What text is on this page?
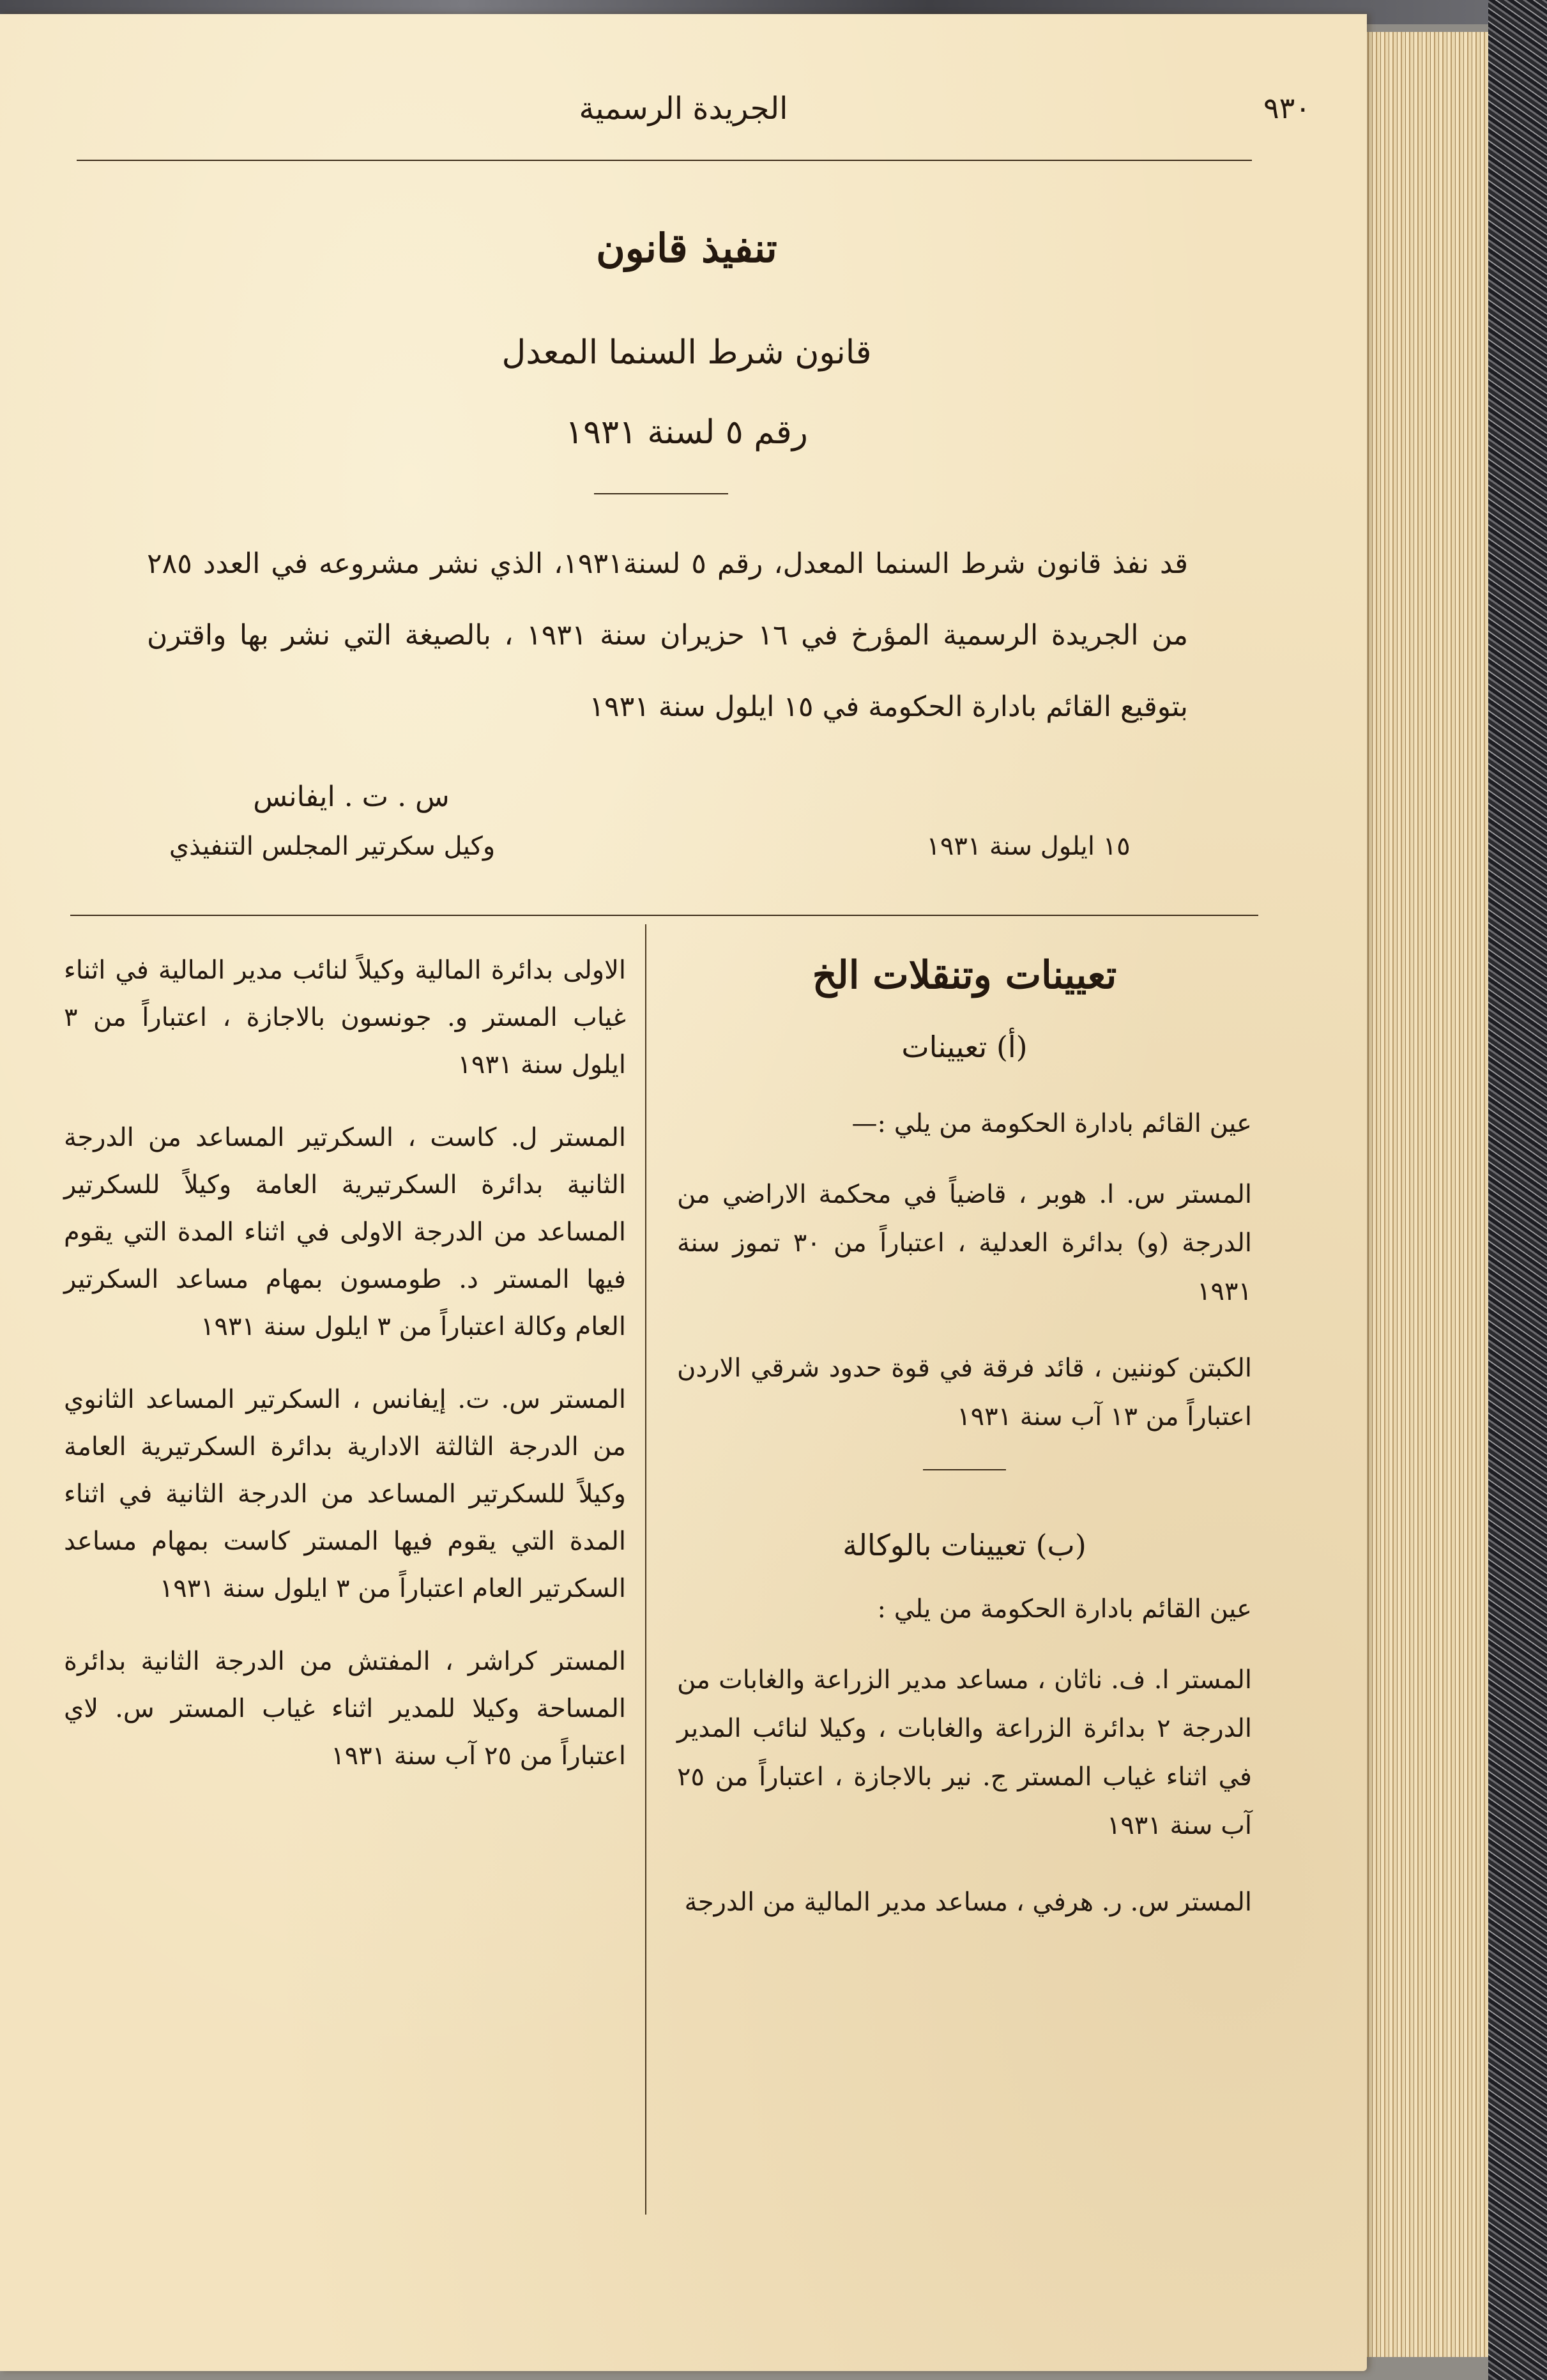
٩٣٠
الجريدة الرسمية
تنفيذ قانون
قانون شرط السنما المعدل
رقم ٥ لسنة ١٩٣١
قد نفذ قانون شرط السنما المعدل، رقم ٥ لسنة١٩٣١، الذي نشر مشروعه في العدد ٢٨٥ من الجريدة الرسمية المؤرخ في ١٦ حزيران سنة ١٩٣١ ، بالصيغة التي نشر بها واقترن بتوقيع القائم بادارة الحكومة في ١٥ ايلول سنة ١٩٣١
س . ت . ايفانس
وكيل سكرتير المجلس التنفيذي	١٥ ايلول سنة ١٩٣١
تعيينات وتنقلات الخ
(أ) تعيينات
عين القائم بادارة الحكومة من يلي :—
المستر س. ا. هوبر ، قاضياً في محكمة الاراضي من الدرجة (و) بدائرة العدلية ، اعتباراً من ٣٠ تموز سنة ١٩٣١
الكبتن كوننين ، قائد فرقة في قوة حدود شرقي الاردن اعتباراً من ١٣ آب سنة ١٩٣١
(ب) تعيينات بالوكالة
عين القائم بادارة الحكومة من يلي :
المستر ا. ف. ناثان ، مساعد مدير الزراعة والغابات من الدرجة ٢ بدائرة الزراعة والغابات ، وكيلا لنائب المدير في اثناء غياب المستر ج. نير بالاجازة ، اعتباراً من ٢٥ آب سنة ١٩٣١
المستر س. ر. هرفي ، مساعد مدير المالية من الدرجة
الاولى بدائرة المالية وكيلاً لنائب مدير المالية في اثناء غياب المستر و. جونسون بالاجازة ، اعتباراً من ٣ ايلول سنة ١٩٣١
المستر ل. كاست ، السكرتير المساعد من الدرجة الثانية بدائرة السكرتيرية العامة وكيلاً للسكرتير المساعد من الدرجة الاولى في اثناء المدة التي يقوم فيها المستر د. طومسون بمهام مساعد السكرتير العام وكالة اعتباراً من ٣ ايلول سنة ١٩٣١
المستر س. ت. إيفانس ، السكرتير المساعد الثانوي من الدرجة الثالثة الادارية بدائرة السكرتيرية العامة وكيلاً للسكرتير المساعد من الدرجة الثانية في اثناء المدة التي يقوم فيها المستر كاست بمهام مساعد السكرتير العام اعتباراً من ٣ ايلول سنة ١٩٣١
المستر كراشر ، المفتش من الدرجة الثانية بدائرة المساحة وكيلا للمدير اثناء غياب المستر س. لاي اعتباراً من ٢٥ آب سنة ١٩٣١
